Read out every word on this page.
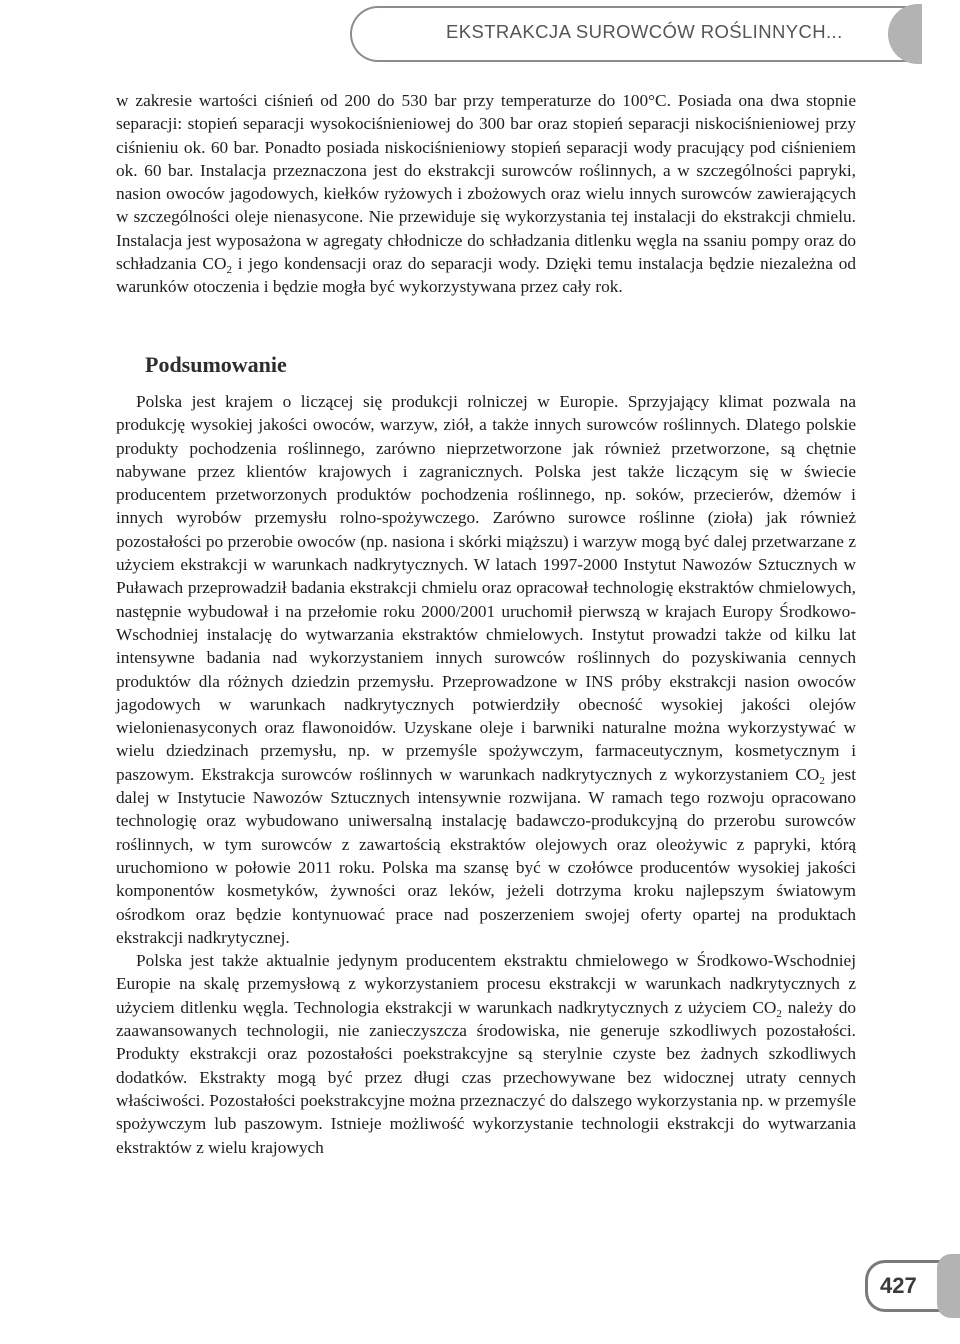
EKSTRAKCJA SUROWCÓW ROŚLINNYCH...

w zakresie wartości ciśnień od 200 do 530 bar przy temperaturze do 100°C. Posiada ona dwa stopnie separacji: stopień separacji wysokociśnieniowej do 300 bar oraz stopień separacji niskociśnieniowej przy ciśnieniu ok. 60 bar. Ponadto posiada niskociśnieniowy stopień separacji wody pracujący pod ciśnieniem ok. 60 bar. Instalacja przeznaczona jest do ekstrakcji surowców roślinnych, a w szczególności papryki, nasion owoców jagodowych, kiełków ryżowych i zbożowych oraz wielu innych surowców zawierających w szczególności oleje nienasycone. Nie przewiduje się wykorzystania tej instalacji do ekstrakcji chmielu. Instalacja jest wyposażona w agregaty chłodnicze do schładzania ditlenku węgla na ssaniu pompy oraz do schładzania $CO_2$ i jego kondensacji oraz do separacji wody. Dzięki temu instalacja będzie niezależna od warunków otoczenia i będzie mogła być wykorzystywana przez cały rok.

Podsumowanie

Polska jest krajem o liczącej się produkcji rolniczej w Europie. Sprzyjający klimat pozwala na produkcję wysokiej jakości owoców, warzyw, ziół, a także innych surowców roślinnych. Dlatego polskie produkty pochodzenia roślinnego, zarówno nieprzetworzone jak również przetworzone, są chętnie nabywane przez klientów krajowych i zagranicznych. Polska jest także liczącym się w świecie producentem przetworzonych produktów pochodzenia roślinnego, np. soków, przecierów, dżemów i innych wyrobów przemysłu rolno-spożywczego. Zarówno surowce roślinne (zioła) jak również pozostałości po przerobie owoców (np. nasiona i skórki miąższu) i warzyw mogą być dalej przetwarzane z użyciem ekstrakcji w warunkach nadkrytycznych. W latach 1997-2000 Instytut Nawozów Sztucznych w Puławach przeprowadził badania ekstrakcji chmielu oraz opracował technologię ekstraktów chmielowych, następnie wybudował i na przełomie roku 2000/2001 uruchomił pierwszą w krajach Europy Środkowo-Wschodniej instalację do wytwarzania ekstraktów chmielowych. Instytut prowadzi także od kilku lat intensywne badania nad wykorzystaniem innych surowców roślinnych do pozyskiwania cennych produktów dla różnych dziedzin przemysłu. Przeprowadzone w INS próby ekstrakcji nasion owoców jagodowych w warunkach nadkrytycznych potwierdziły obecność wysokiej jakości olejów wielonienasyconych oraz flawonoidów. Uzyskane oleje i barwniki naturalne można wykorzystywać w wielu dziedzinach przemysłu, np. w przemyśle spożywczym, farmaceutycznym, kosmetycznym i paszowym. Ekstrakcja surowców roślinnych w warunkach nadkrytycznych z wykorzystaniem $CO_2$ jest dalej w Instytucie Nawozów Sztucznych intensywnie rozwijana. W ramach tego rozwoju opracowano technologię oraz wybudowano uniwersalną instalację badawczo-produkcyjną do przerobu surowców roślinnych, w tym surowców z zawartością ekstraktów olejowych oraz oleożywic z papryki, którą uruchomiono w połowie 2011 roku. Polska ma szansę być w czołówce producentów wysokiej jakości komponentów kosmetyków, żywności oraz leków, jeżeli dotrzyma kroku najlepszym światowym ośrodkom oraz będzie kontynuować prace nad poszerzeniem swojej oferty opartej na produktach ekstrakcji nadkrytycznej.

Polska jest także aktualnie jedynym producentem ekstraktu chmielowego w Środkowo-Wschodniej Europie na skalę przemysłową z wykorzystaniem procesu ekstrakcji w warunkach nadkrytycznych z użyciem ditlenku węgla. Technologia ekstrakcji w warunkach nadkrytycznych z użyciem $CO_2$ należy do zaawansowanych technologii, nie zanieczyszcza środowiska, nie generuje szkodliwych pozostałości. Produkty ekstrakcji oraz pozostałości poekstrakcyjne są sterylnie czyste bez żadnych szkodliwych dodatków. Ekstrakty mogą być przez długi czas przechowywane bez widocznej utraty cennych właściwości. Pozostałości poekstrakcyjne można przeznaczyć do dalszego wykorzystania np. w przemyśle spożywczym lub paszowym. Istnieje możliwość wykorzystanie technologii ekstrakcji do wytwarzania ekstraktów z wielu krajowych

427
